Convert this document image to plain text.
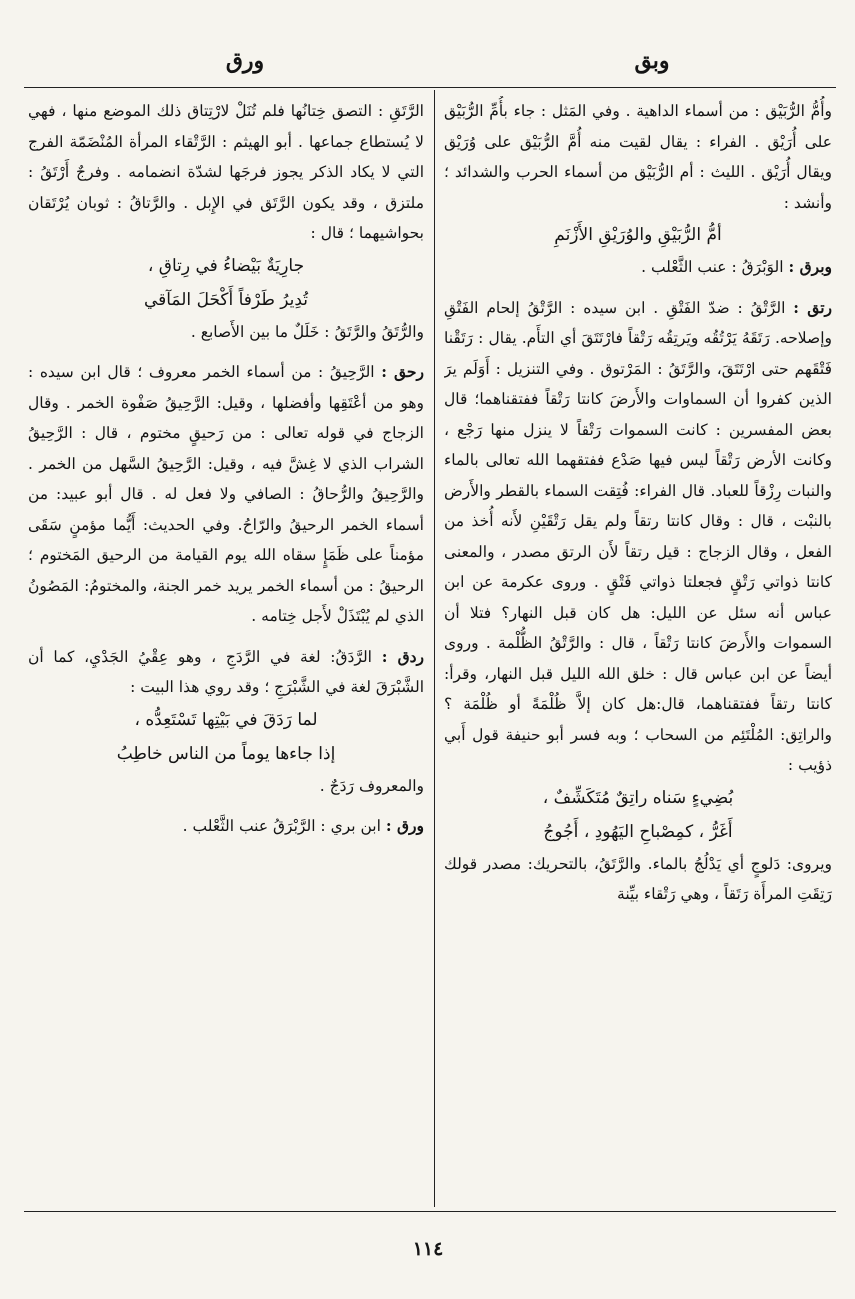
وبق
ورق

وأُمُّ الرُّبَيْق : من أسماء الداهية . وفي المَثل : جاء بأُمِّ الرُّبَيْق على أُرَيْق . الفراء : يقال لقيت منه أُمَّ الرُّبَيْق على وُرَيْق ويقال أُرَيْق . الليث : أم الرُّبَيْق من أسماء الحرب والشدائد ؛ وأنشد :

أمُّ الرُّبَيْقِ والوُرَيْقِ الأَزْنَمِ

وبرق : الوَبْرَقُ : عنب الثَّعْلب .

رتق : الرَّتْقُ : ضدّ الفَتْقِ . ابن سيده : الرَّتْقُ إلحام الفَتْقِ وإصلاحه. رَتَقَهُ يَرْتُقُه ويَرتِقُه رَتْقاً فارْتَتَقَ أي التأَم. يقال : رَتَقْنا فَتْقَهم حتى ارْتَتَقَ، والرَّتَقُ : المَرْتوق . وفي التنزيل : أَوَلَم يرَ الذين كفروا أن السماوات والأَرضَ كانتا رَتْقاً ففتقناهما؛ قال بعض المفسرين : كانت السموات رَتْقاً لا ينزل منها رَجْع ، وكانت الأرض رَتْقاً ليس فيها صَدْع ففتقهما الله تعالى بالماء والنبات رِزْقاً للعباد. قال الفراء: فُتِقت السماء بالقطر والأَرض بالنبْت ، قال : وقال كانتا رتقاً ولم يقل رَتْقَيْنِ لأَنه أُخذ من الفعل ، وقال الزجاج : قيل رتقاً لأَن الرتق مصدر ، والمعنى كانتا ذواتي رَتْقٍ فجعلتا ذواتي فَتْقٍ . وروى عكرمة عن ابن عباس أنه سئل عن الليل: هل كان قبل النهار؟ فتلا أن السموات والأَرضَ كانتا رَتْقاً ، قال : والرَّتْقُ الظُّلْمة . وروى أيضاً عن ابن عباس قال : خلق الله الليل قبل النهار، وقرأ: كانتا رتقاً ففتقناهما، قال:هل كان إلاَّ ظُلْمَةً أو ظُلْمَة ؟ والراتِق: المُلْتَئِم من السحاب ؛ وبه فسر أبو حنيفة قول أَبي ذؤيب :

بُضِيءٍ سَناه راتِقٌ مُتَكَشِّفٌ ،
أَغَرُّ ، كمِصْباحِ اليَهُودِ ، أَجُوجُ

ويروى: دَلوجٍ أي يَدْلُجُ بالماء. والرَّتَقُ، بالتحريك: مصدر قولك رَتِقَتِ المرأَة رَتَقاً ، وهي رَتْقاء بيِّنة

الرَّتَقِ : التصق خِتانُها فلم تُنَلْ لارْتِتاق ذلك الموضع منها ، فهي لا يُستطاع جماعها . أبو الهيثم : الرَّتْقاء المرأة المُنْضَمّة الفرج التي لا يكاد الذكر يجوز فرجَها لشدّة انضمامه . وفرجٌ أَرْتَقُ : ملتزق ، وقد يكون الرَّتَق في الإِبل . والرَّتاقُ : ثوبان يُرْتَقان بحواشيهما ؛ قال :

جارِيَةٌ بَيْضاءُ في رِتاقِ ،
تُدِيرُ طَرْفاً أَكْحَلَ المَآقي

والرُّتَقُ والرَّتَقُ : خَلَلٌ ما بين الأَصابع .

رحق : الرَّحِيقُ : من أسماء الخمر معروف ؛ قال ابن سيده : وهو من أعْتَقِها وأفضلها ، وقيل: الرَّحِيقُ صَفْوة الخمر . وقال الزجاج في قوله تعالى : من رَحيقٍ مختوم ، قال : الرَّحِيقُ الشراب الذي لا غِشَّ فيه ، وقيل: الرَّحِيقُ السَّهل من الخمر . والرَّحِيقُ والرُّحاقُ : الصافي ولا فعل له . قال أبو عبيد: من أسماء الخمر الرحيقُ والرّاحُ. وفي الحديث: أَيُّما مؤمنٍ سَقَى مؤمناً على ظَمَإٍ سقاه الله يوم القيامة من الرحيق المَختوم ؛ الرحيقُ : من أسماء الخمر يريد خمر الجنة، والمختومُ: المَصُونُ الذي لم يُبْتَذَلْ لأَجل خِتامه .

ردق : الرَّدَقُ: لغة في الرَّدَجِ ، وهو عِقْيُ الجَدْيِ، كما أن الشَّبْرَقَ لغة في الشَّبْرَجِ ؛ وقد روي هذا البيت :

لما رَدَقَ في بَيْتِها تَسْتَعِدُّه ،
إذا جاءها يوماً من الناس خاطِبُ

والمعروف رَدَجٌ .

ورق : ابن بري : الرَّبْرَقُ عنب الثَّعْلب .

١١٤
